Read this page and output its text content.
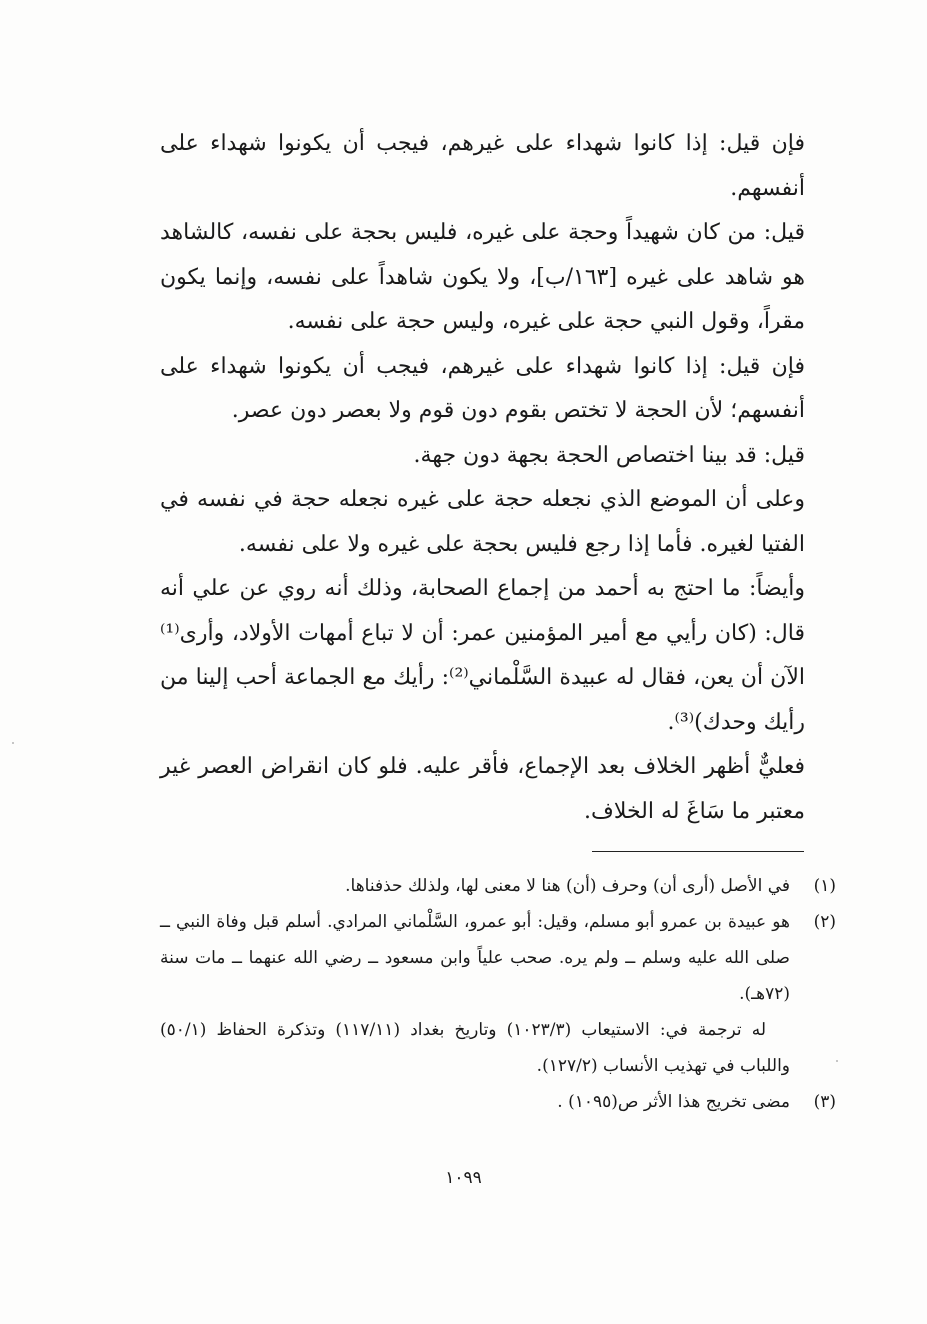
فإن قيل: إذا كانوا شهداء على غيرهم، فيجب أن يكونوا شهداء على أنفسهم.

قيل: من كان شهيداً وحجة على غيره، فليس بحجة على نفسه، كالشاهد هو شاهد على غيره [١٦٣/ب]، ولا يكون شاهداً على نفسه، وإنما يكون مقراً، وقول النبي حجة على غيره، وليس حجة على نفسه.

فإن قيل: إذا كانوا شهداء على غيرهم، فيجب أن يكونوا شهداء على أنفسهم؛ لأن الحجة لا تختص بقوم دون قوم ولا بعصر دون عصر.

قيل: قد بينا اختصاص الحجة بجهة دون جهة.

وعلى أن الموضع الذي نجعله حجة على غيره نجعله حجة في نفسه في الفتيا لغيره. فأما إذا رجع فليس بحجة على غيره ولا على نفسه.

وأيضاً: ما احتج به أحمد من إجماع الصحابة، وذلك أنه روي عن علي أنه قال: (كان رأيي مع أمير المؤمنين عمر: أن لا تباع أمهات الأولاد، وأرى⁽¹⁾ الآن أن يعن، فقال له عبيدة السَّلْماني⁽²⁾: رأيك مع الجماعة أحب إلينا من رأيك وحدك)⁽³⁾.

فعليٌّ أظهر الخلاف بعد الإجماع، فأقر عليه. فلو كان انقراض العصر غير معتبر ما سَاغَ له الخلاف.

(١)
في الأصل (أرى أن) وحرف (أن) هنا لا معنى لها، ولذلك حذفناها.
(٢)
هو عبيدة بن عمرو أبو مسلم، وقيل: أبو عمرو، السَّلْماني المرادي. أسلم قبل وفاة النبي ــ صلى الله عليه وسلم ــ ولم يره. صحب علياً وابن مسعود ــ رضي الله عنهما ــ مات سنة (٧٢هـ).
له ترجمة في: الاستيعاب (١٠٢٣/٣) وتاريخ بغداد (١١٧/١١) وتذكرة الحفاظ (٥٠/١) واللباب في تهذيب الأنساب (١٢٧/٢).
(٣)
مضى تخريج هذا الأثر ص(١٠٩٥) .
١٠٩٩
